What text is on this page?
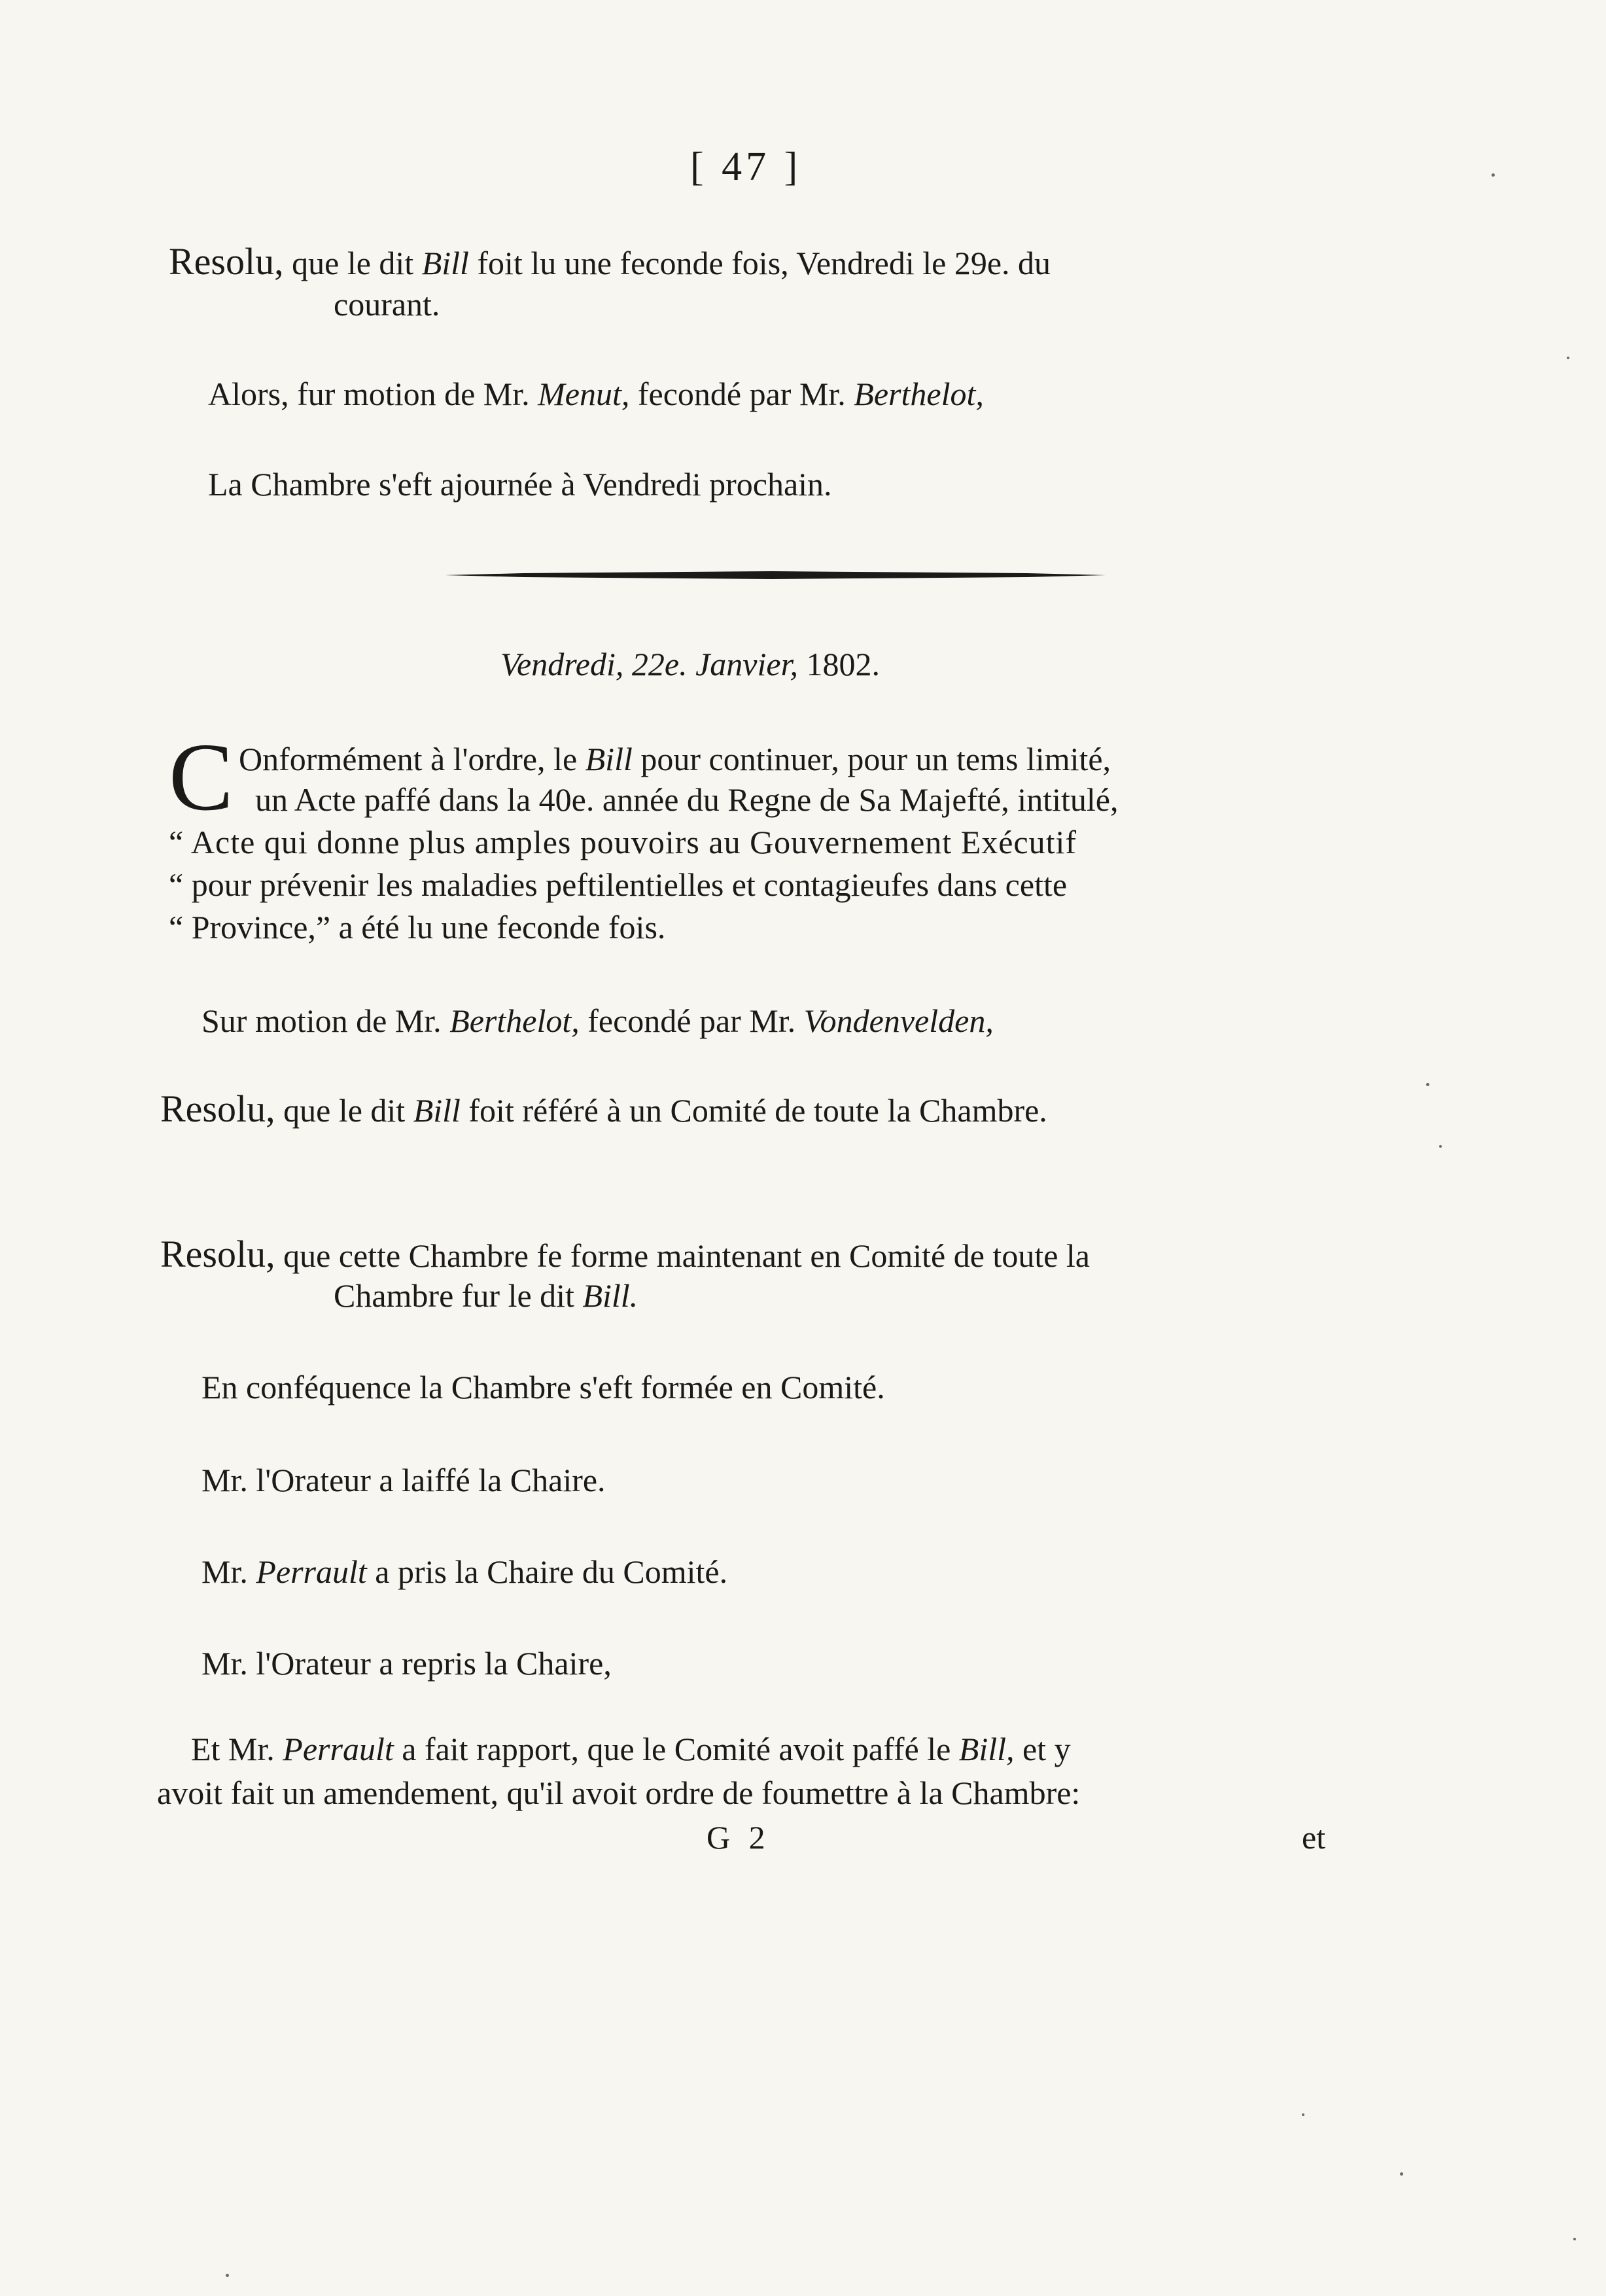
[ 47 ]
Resolu, que le dit Bill foit lu une feconde fois, Vendredi le 29e. du
courant.
Alors, fur motion de Mr. Menut, fecondé par Mr. Berthelot,
La Chambre s'eft ajournée à Vendredi prochain.
Vendredi, 22e. Janvier, 1802.
C Onformément à l'ordre, le Bill pour continuer, pour un tems limité,
un Acte paffé dans la 40e. année du Regne de Sa Majefté, intitulé,
“ Acte qui donne plus amples pouvoirs au Gouvernement Exécutif
“ pour prévenir les maladies peftilentielles et contagieufes dans cette
“ Province,” a été lu une feconde fois.
Sur motion de Mr. Berthelot, fecondé par Mr. Vondenvelden,
Resolu, que le dit Bill foit référé à un Comité de toute la Chambre.
Resolu, que cette Chambre fe forme maintenant en Comité de toute la
Chambre fur le dit Bill.
En conféquence la Chambre s'eft formée en Comité.
Mr. l'Orateur a laiffé la Chaire.
Mr. Perrault a pris la Chaire du Comité.
Mr. l'Orateur a repris la Chaire,
Et Mr. Perrault a fait rapport, que le Comité avoit paffé le Bill, et y
avoit fait un amendement, qu'il avoit ordre de foumettre à la Chambre:
G 2	et
